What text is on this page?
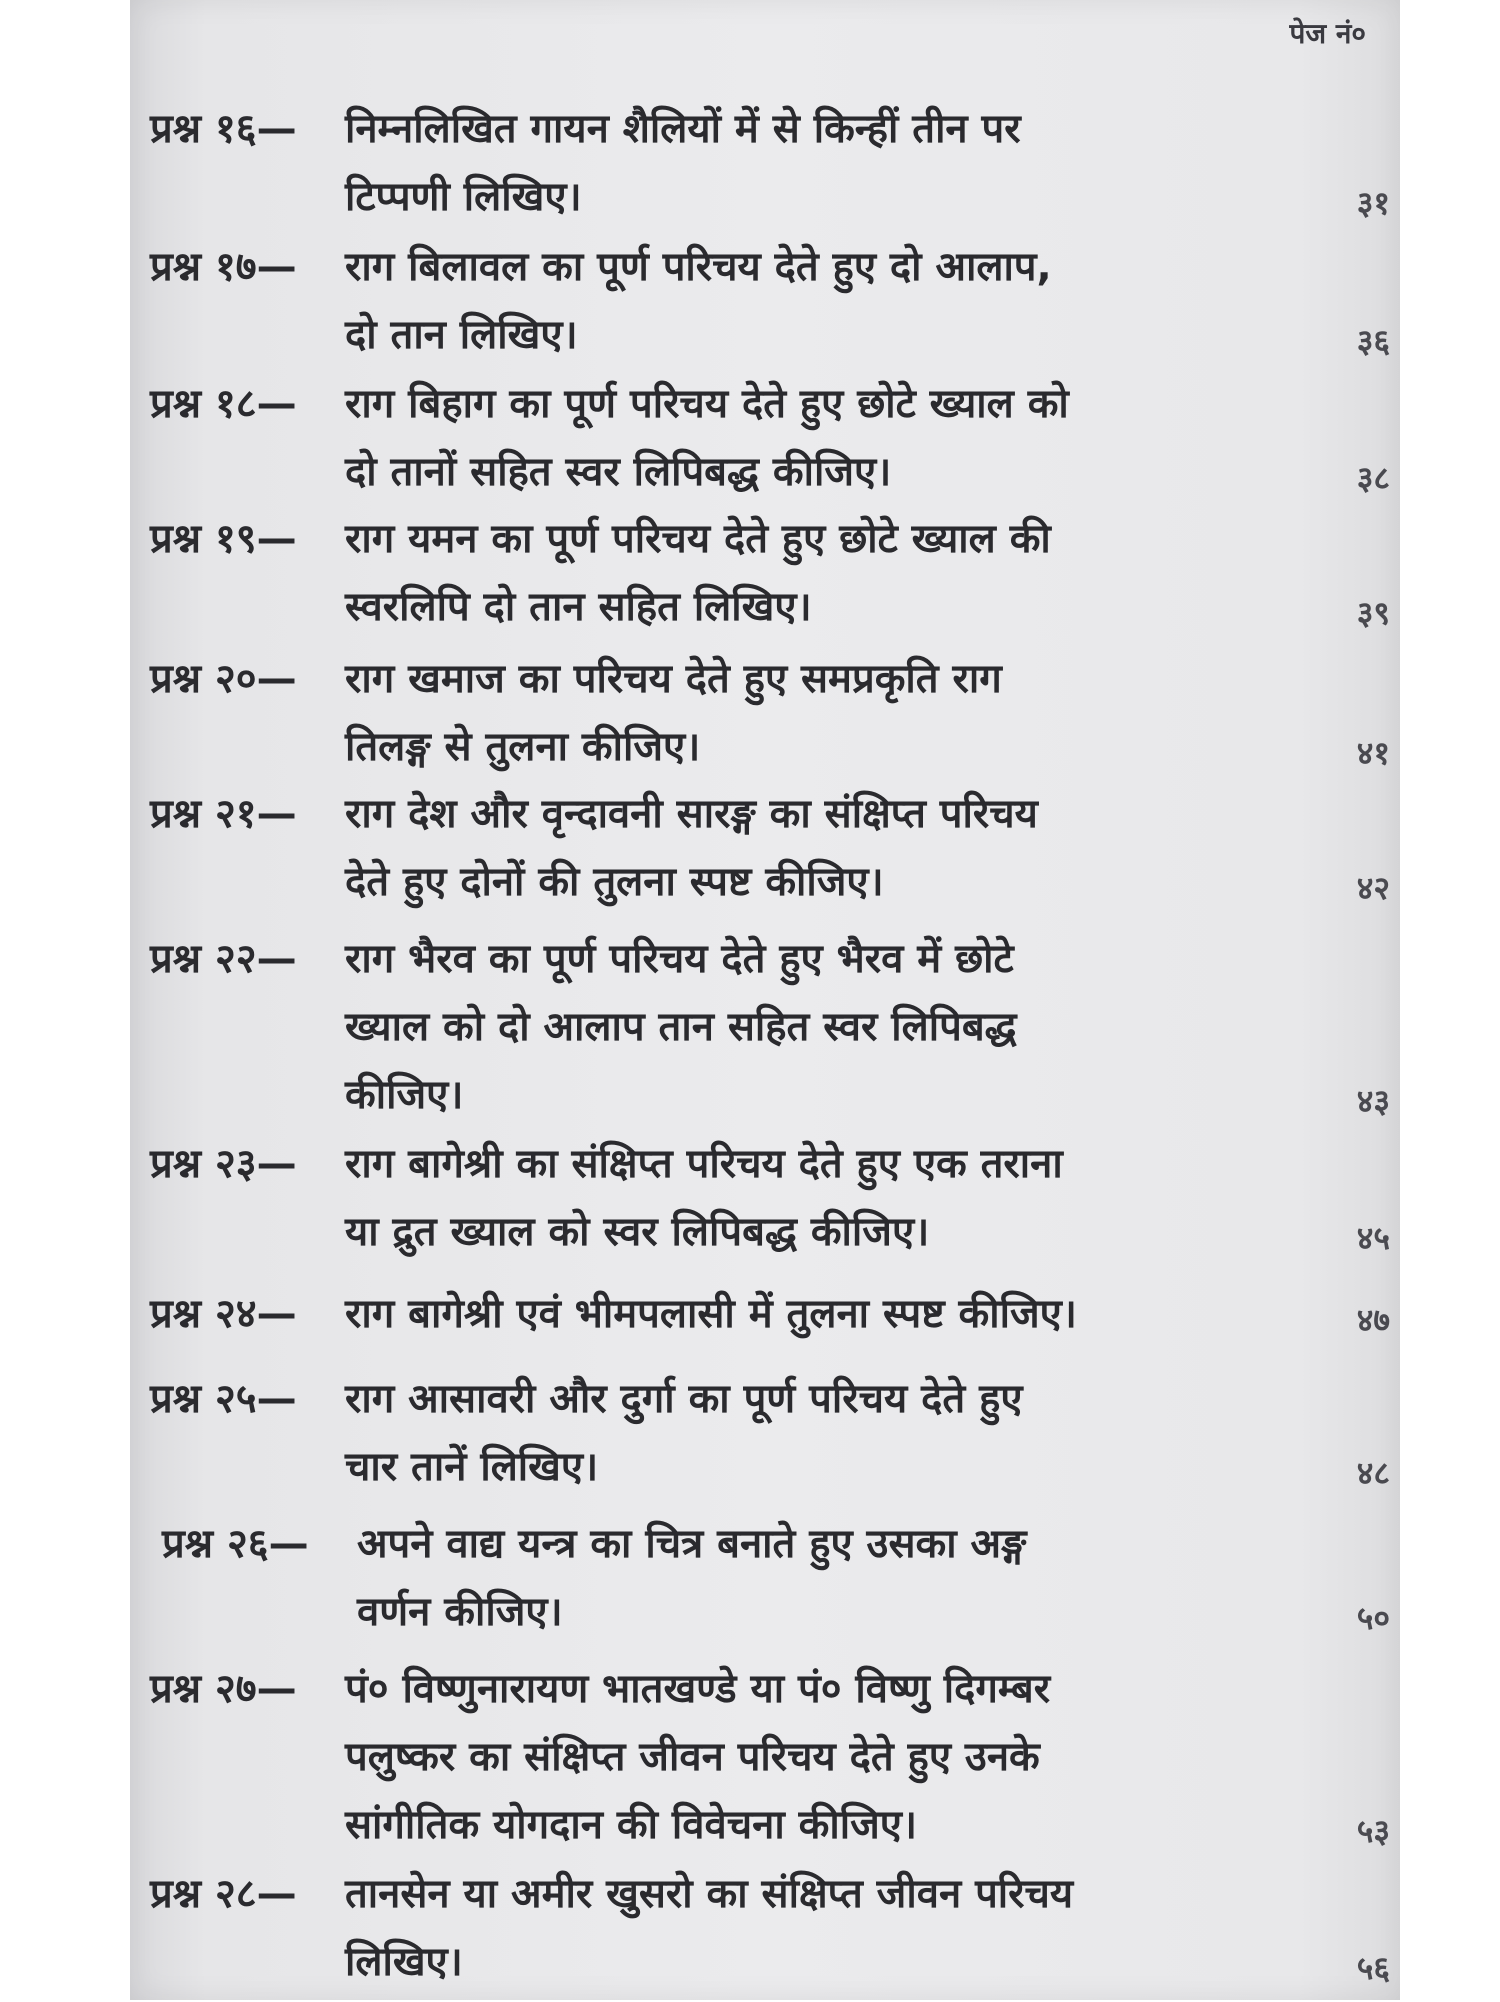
पेज नं०
प्रश्न १६— निम्नलिखित गायन शैलियों में से किन्हीं तीन पर
टिप्पणी लिखिए।	३१
प्रश्न १७— राग बिलावल का पूर्ण परिचय देते हुए दो आलाप,
दो तान लिखिए।	३६
प्रश्न १८— राग बिहाग का पूर्ण परिचय देते हुए छोटे ख्याल को
दो तानों सहित स्वर लिपिबद्ध कीजिए।	३८
प्रश्न १९— राग यमन का पूर्ण परिचय देते हुए छोटे ख्याल की
स्वरलिपि दो तान सहित लिखिए।	३९
प्रश्न २०— राग खमाज का परिचय देते हुए समप्रकृति राग
तिलङ्ग से तुलना कीजिए।	४१
प्रश्न २१— राग देश और वृन्दावनी सारङ्ग का संक्षिप्त परिचय
देते हुए दोनों की तुलना स्पष्ट कीजिए।	४२
प्रश्न २२— राग भैरव का पूर्ण परिचय देते हुए भैरव में छोटे
ख्याल को दो आलाप तान सहित स्वर लिपिबद्ध
कीजिए।	४३
प्रश्न २३— राग बागेश्री का संक्षिप्त परिचय देते हुए एक तराना
या द्रुत ख्याल को स्वर लिपिबद्ध कीजिए।	४५
प्रश्न २४— राग बागेश्री एवं भीमपलासी में तुलना स्पष्ट कीजिए।	४७
प्रश्न २५— राग आसावरी और दुर्गा का पूर्ण परिचय देते हुए
चार तानें लिखिए।	४८
प्रश्न २६— अपने वाद्य यन्त्र का चित्र बनाते हुए उसका अङ्ग
वर्णन कीजिए।	५०
प्रश्न २७— पं० विष्णुनारायण भातखण्डे या पं० विष्णु दिगम्बर
पलुष्कर का संक्षिप्त जीवन परिचय देते हुए उनके
सांगीतिक योगदान की विवेचना कीजिए।	५३
प्रश्न २८— तानसेन या अमीर खुसरो का संक्षिप्त जीवन परिचय
लिखिए।	५६
